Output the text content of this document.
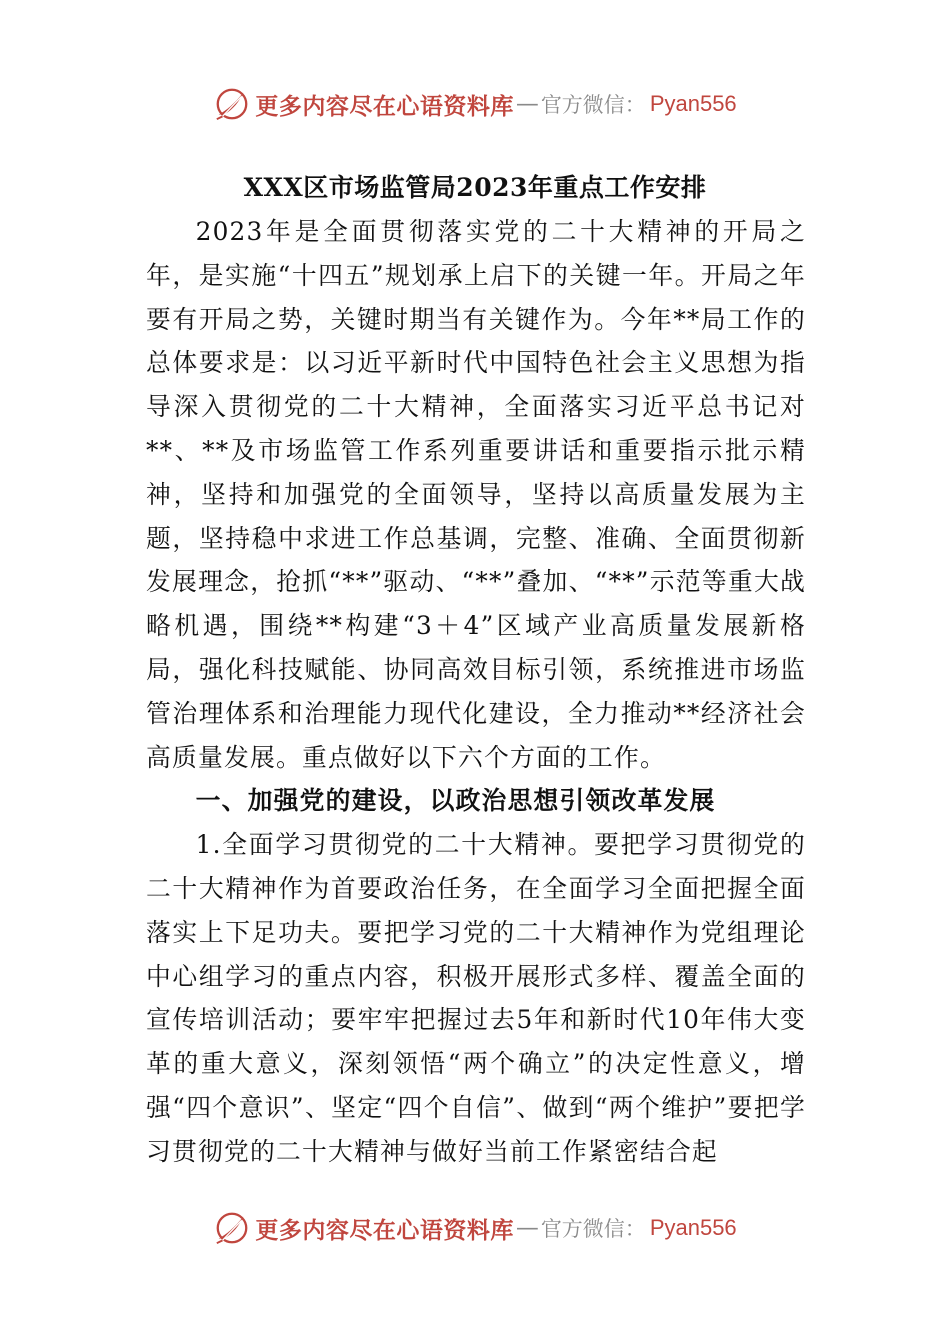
更多内容尽在心语资料库 — 官方微信： Pyan556
XXX区市场监管局2023年重点工作安排

2023年是全面贯彻落实党的二十大精神的开局之年，是实施“十四五”规划承上启下的关键一年。开局之年要有开局之势，关键时期当有关键作为。今年**局工作的总体要求是：以习近平新时代中国特色社会主义思想为指导深入贯彻党的二十大精神，全面落实习近平总书记对**、**及市场监管工作系列重要讲话和重要指示批示精神，坚持和加强党的全面领导，坚持以高质量发展为主题，坚持稳中求进工作总基调，完整、准确、全面贯彻新发展理念，抢抓“**”驱动、“**”叠加、“**”示范等重大战略机遇，围绕**构建“3＋4”区域产业高质量发展新格局，强化科技赋能、协同高效目标引领，系统推进市场监管治理体系和治理能力现代化建设，全力推动**经济社会高质量发展。重点做好以下六个方面的工作。

一、加强党的建设，以政治思想引领改革发展

1.全面学习贯彻党的二十大精神。要把学习贯彻党的二十大精神作为首要政治任务，在全面学习全面把握全面落实上下足功夫。要把学习党的二十大精神作为党组理论中心组学习的重点内容，积极开展形式多样、覆盖全面的宣传培训活动；要牢牢把握过去5年和新时代10年伟大变革的重大意义，深刻领悟“两个确立”的决定性意义，增强“四个意识”、坚定“四个自信”、做到“两个维护”要把学习贯彻党的二十大精神与做好当前工作紧密结合起

更多内容尽在心语资料库 — 官方微信： Pyan556
